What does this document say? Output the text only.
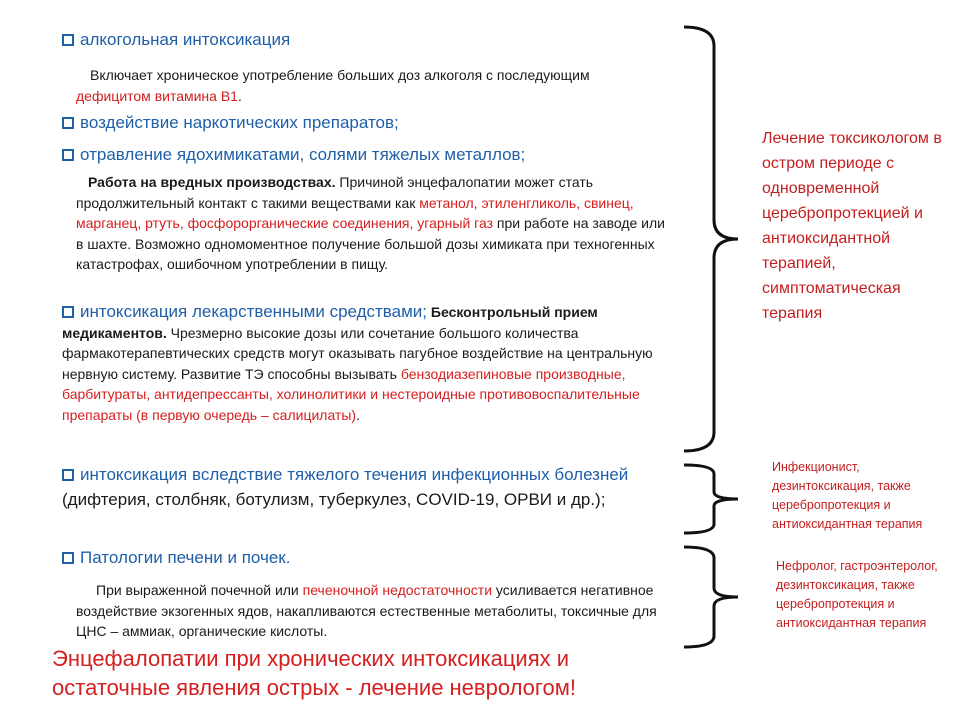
алкогольная интоксикация
Включает хроническое употребление больших доз алкоголя с последующим дефицитом витамина В1.
воздействие наркотических препаратов;
отравление ядохимикатами, солями тяжелых металлов;
Работа на вредных производствах. Причиной энцефалопатии может стать продолжительный контакт с такими веществами как метанол, этиленгликоль, свинец, марганец, ртуть, фосфорорганические соединения, угарный газ при работе на заводе или в шахте. Возможно одномоментное получение большой дозы химиката при техногенных катастрофах, ошибочном употреблении в пищу.
интоксикация лекарственными средствами; Бесконтрольный прием медикаментов. Чрезмерно высокие дозы или сочетание большого количества фармакотерапевтических средств могут оказывать пагубное воздействие на центральную нервную систему. Развитие ТЭ способны вызывать бензодиазепиновые производные, барбитураты, антидепрессанты, холинолитики и нестероидные противовоспалительные препараты (в первую очередь – салицилаты).
интоксикация вследствие тяжелого течения инфекционных болезней (дифтерия, столбняк, ботулизм, туберкулез, COVID-19, ОРВИ и др.);
Патологии печени и почек.
При выраженной почечной или печеночной недостаточности усиливается негативное воздействие экзогенных ядов, накапливаются естественные метаболиты, токсичные для ЦНС – аммиак, органические кислоты.
Энцефалопатии при хронических интоксикациях и остаточные явления острых - лечение неврологом!
Лечение токсикологом в остром периоде с одновременной церебропротекцией и антиоксидантной терапией, симптоматическая терапия
Инфекционист, дезинтоксикация, также церебропротекция и антиоксидантная терапия
Нефролог, гастроэнтеролог, дезинтоксикация, также церебропротекция и антиоксидантная терапия
